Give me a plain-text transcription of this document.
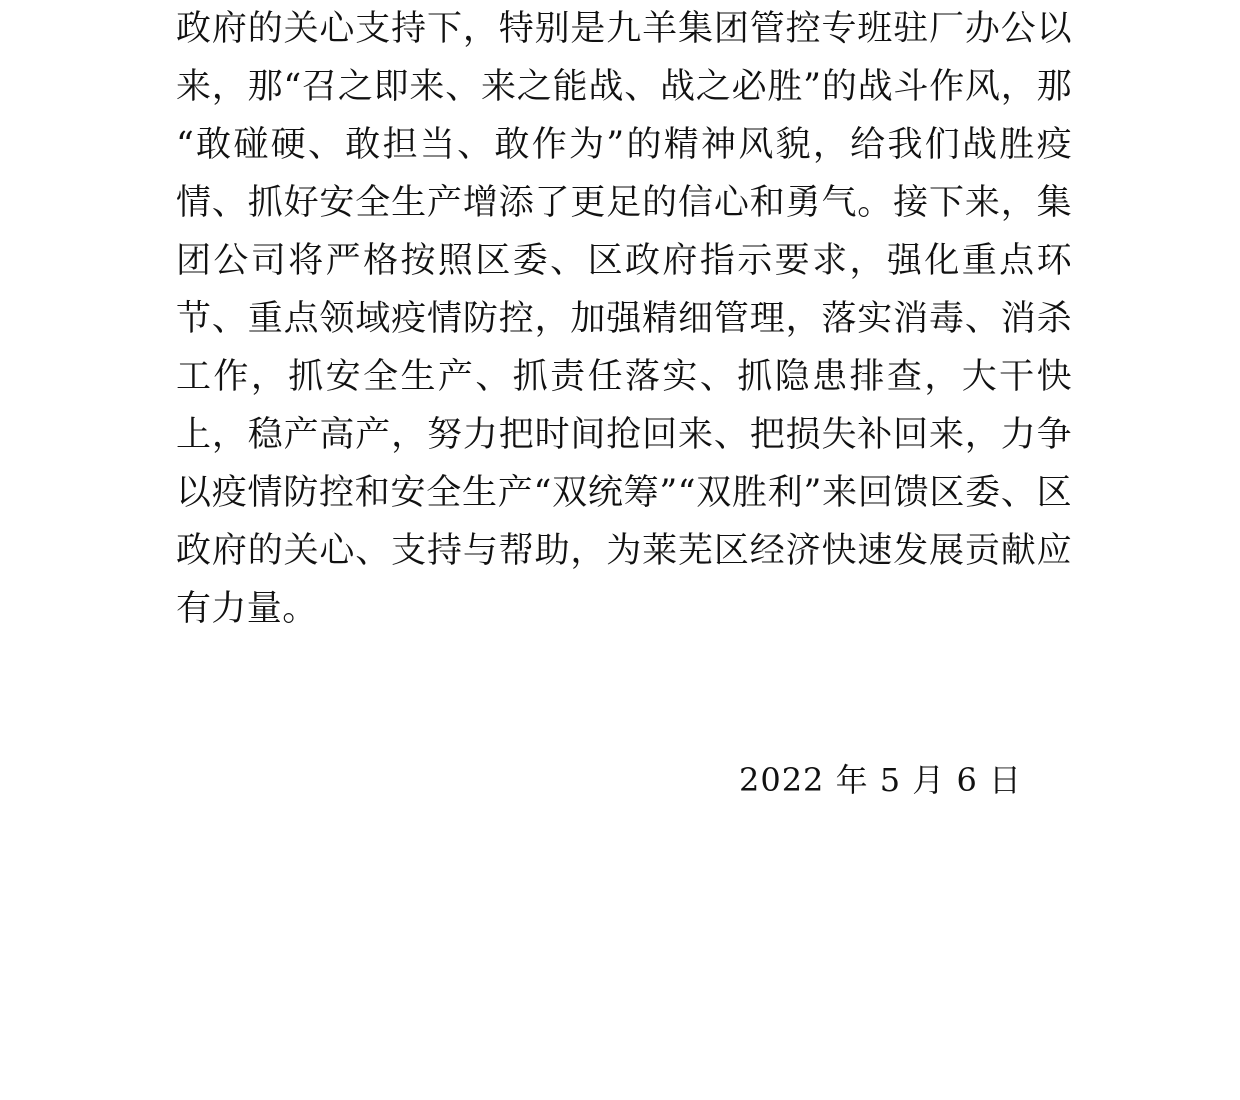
政府的关心支持下，特别是九羊集团管控专班驻厂办公以来，那“召之即来、来之能战、战之必胜”的战斗作风，那“敢碰硬、敢担当、敢作为”的精神风貌，给我们战胜疫情、抓好安全生产增添了更足的信心和勇气。接下来，集团公司将严格按照区委、区政府指示要求，强化重点环节、重点领域疫情防控，加强精细管理，落实消毒、消杀工作，抓安全生产、抓责任落实、抓隐患排查，大干快上，稳产高产，努力把时间抢回来、把损失补回来，力争以疫情防控和安全生产“双统筹”“双胜利”来回馈区委、区政府的关心、支持与帮助，为莱芜区经济快速发展贡献应有力量。
2022 年 5 月 6 日
